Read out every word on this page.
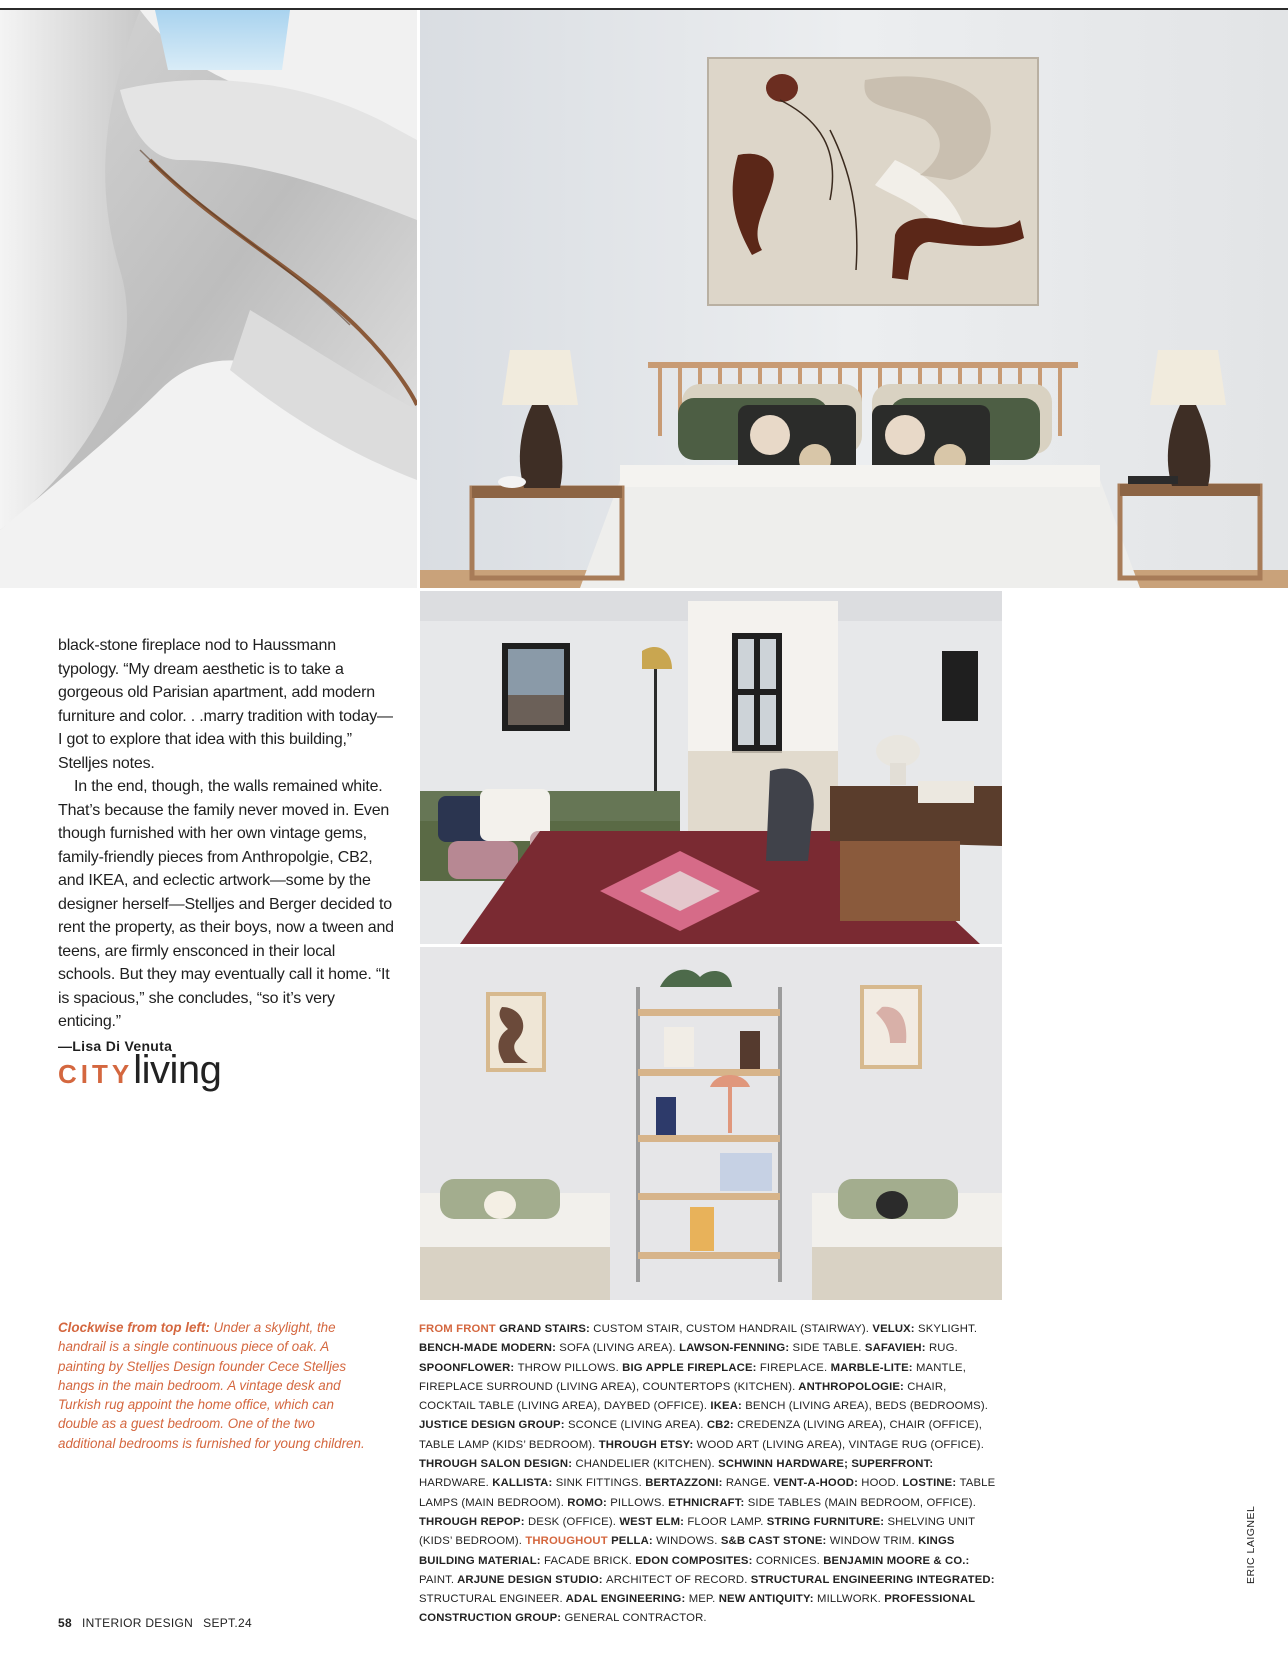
black-stone fireplace nod to Haussmann typology. “My dream aesthetic is to take a gorgeous old Parisian apartment, add modern furniture and color. . .marry tradition with today—I got to explore that idea with this building,” Stelljes notes.

In the end, though, the walls remained white. That’s because the family never moved in. Even though furnished with her own vintage gems, family-friendly pieces from Anthropolgie, CB2, and IKEA, and eclectic artwork—some by the designer herself—Stelljes and Berger decided to rent the property, as their boys, now a tween and teens, are firmly ensconced in their local schools. But they may eventually call it home. “It is spacious,” she concludes, “so it’s very enticing.”

—Lisa Di Venuta
CITYliving
Clockwise from top left: Under a skylight, the handrail is a single continuous piece of oak. A painting by Stelljes Design founder Cece Stelljes hangs in the main bedroom. A vintage desk and Turkish rug appoint the home office, which can double as a guest bedroom. One of the two additional bedrooms is furnished for young children.
FROM FRONT GRAND STAIRS: CUSTOM STAIR, CUSTOM HANDRAIL (STAIRWAY). VELUX: SKYLIGHT. BENCH-MADE MODERN: SOFA (LIVING AREA). LAWSON-FENNING: SIDE TABLE. SAFAVIEH: RUG. SPOONFLOWER: THROW PILLOWS. BIG APPLE FIREPLACE: FIREPLACE. MARBLE-LITE: MANTLE, FIREPLACE SURROUND (LIVING AREA), COUNTERTOPS (KITCHEN). ANTHROPOLOGIE: CHAIR, COCKTAIL TABLE (LIVING AREA), DAYBED (OFFICE). IKEA: BENCH (LIVING AREA), BEDS (BEDROOMS). JUSTICE DESIGN GROUP: SCONCE (LIVING AREA). CB2: CREDENZA (LIVING AREA), CHAIR (OFFICE), TABLE LAMP (KIDS’ BEDROOM). THROUGH ETSY: WOOD ART (LIVING AREA), VINTAGE RUG (OFFICE). THROUGH SALON DESIGN: CHANDELIER (KITCHEN). SCHWINN HARDWARE; SUPERFRONT: HARDWARE. KALLISTA: SINK FITTINGS. BERTAZZONI: RANGE. VENT-A-HOOD: HOOD. LOSTINE: TABLE LAMPS (MAIN BEDROOM). ROMO: PILLOWS. ETHNICRAFT: SIDE TABLES (MAIN BEDROOM, OFFICE). THROUGH REPOP: DESK (OFFICE). WEST ELM: FLOOR LAMP. STRING FURNITURE: SHELVING UNIT (KIDS’ BEDROOM). THROUGHOUT PELLA: WINDOWS. S&B CAST STONE: WINDOW TRIM. KINGS BUILDING MATERIAL: FACADE BRICK. EDON COMPOSITES: CORNICES. BENJAMIN MOORE & CO.: PAINT. ARJUNE DESIGN STUDIO: ARCHITECT OF RECORD. STRUCTURAL ENGINEERING INTEGRATED: STRUCTURAL ENGINEER. ADAL ENGINEERING: MEP. NEW ANTIQUITY: MILLWORK. PROFESSIONAL CONSTRUCTION GROUP: GENERAL CONTRACTOR.
ERIC LAIGNEL
58 INTERIOR DESIGN SEPT.24
